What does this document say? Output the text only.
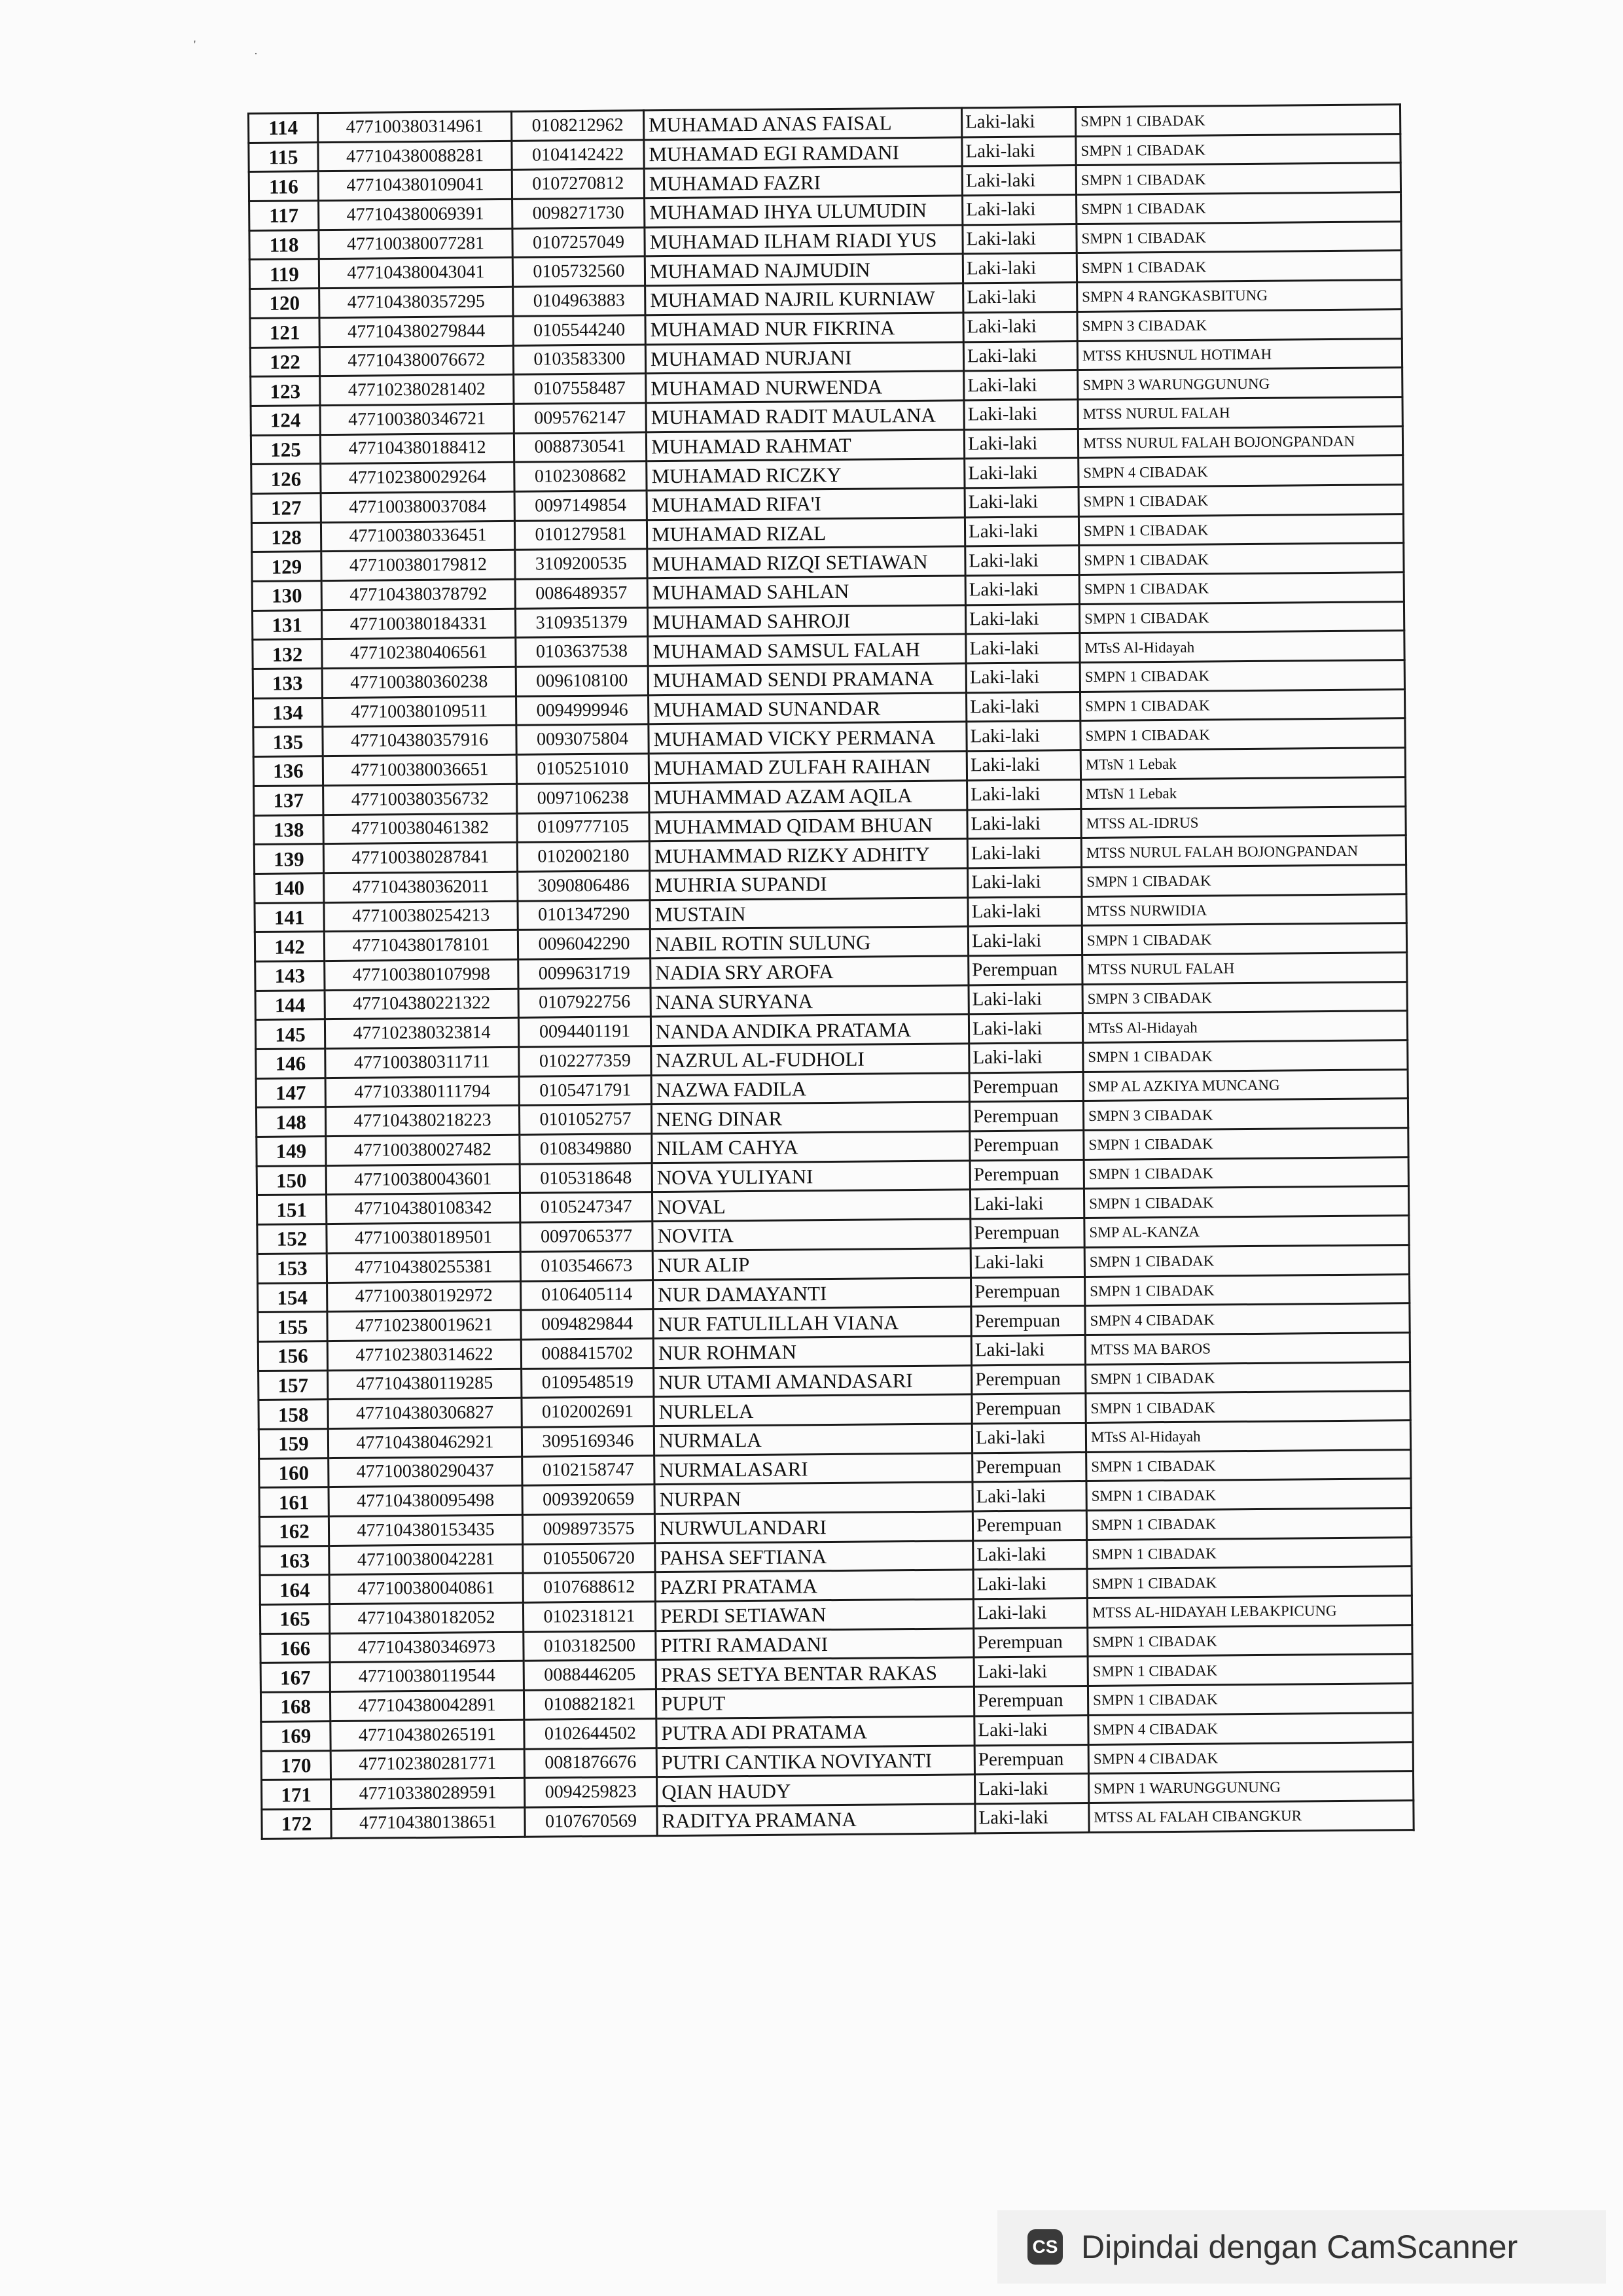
'
·
114	477100380314961	0108212962	MUHAMAD ANAS FAISAL	Laki-laki	SMPN 1 CIBADAK
115	477104380088281	0104142422	MUHAMAD EGI RAMDANI	Laki-laki	SMPN 1 CIBADAK
116	477104380109041	0107270812	MUHAMAD FAZRI	Laki-laki	SMPN 1 CIBADAK
117	477104380069391	0098271730	MUHAMAD IHYA ULUMUDIN	Laki-laki	SMPN 1 CIBADAK
118	477100380077281	0107257049	MUHAMAD ILHAM RIADI YUS	Laki-laki	SMPN 1 CIBADAK
119	477104380043041	0105732560	MUHAMAD NAJMUDIN	Laki-laki	SMPN 1 CIBADAK
120	477104380357295	0104963883	MUHAMAD NAJRIL KURNIAW	Laki-laki	SMPN 4 RANGKASBITUNG
121	477104380279844	0105544240	MUHAMAD NUR FIKRINA	Laki-laki	SMPN 3 CIBADAK
122	477104380076672	0103583300	MUHAMAD NURJANI	Laki-laki	MTSS KHUSNUL HOTIMAH
123	477102380281402	0107558487	MUHAMAD NURWENDA	Laki-laki	SMPN 3 WARUNGGUNUNG
124	477100380346721	0095762147	MUHAMAD RADIT MAULANA	Laki-laki	MTSS NURUL FALAH
125	477104380188412	0088730541	MUHAMAD RAHMAT	Laki-laki	MTSS NURUL FALAH BOJONGPANDAN
126	477102380029264	0102308682	MUHAMAD RICZKY	Laki-laki	SMPN 4 CIBADAK
127	477100380037084	0097149854	MUHAMAD RIFA'I	Laki-laki	SMPN 1 CIBADAK
128	477100380336451	0101279581	MUHAMAD RIZAL	Laki-laki	SMPN 1 CIBADAK
129	477100380179812	3109200535	MUHAMAD RIZQI SETIAWAN	Laki-laki	SMPN 1 CIBADAK
130	477104380378792	0086489357	MUHAMAD SAHLAN	Laki-laki	SMPN 1 CIBADAK
131	477100380184331	3109351379	MUHAMAD SAHROJI	Laki-laki	SMPN 1 CIBADAK
132	477102380406561	0103637538	MUHAMAD SAMSUL FALAH	Laki-laki	MTsS Al-Hidayah
133	477100380360238	0096108100	MUHAMAD SENDI PRAMANA	Laki-laki	SMPN 1 CIBADAK
134	477100380109511	0094999946	MUHAMAD SUNANDAR	Laki-laki	SMPN 1 CIBADAK
135	477104380357916	0093075804	MUHAMAD VICKY PERMANA	Laki-laki	SMPN 1 CIBADAK
136	477100380036651	0105251010	MUHAMAD ZULFAH RAIHAN	Laki-laki	MTsN 1 Lebak
137	477100380356732	0097106238	MUHAMMAD AZAM AQILA	Laki-laki	MTsN 1 Lebak
138	477100380461382	0109777105	MUHAMMAD QIDAM BHUAN	Laki-laki	MTSS AL-IDRUS
139	477100380287841	0102002180	MUHAMMAD RIZKY ADHITY	Laki-laki	MTSS NURUL FALAH BOJONGPANDAN
140	477104380362011	3090806486	MUHRIA SUPANDI	Laki-laki	SMPN 1 CIBADAK
141	477100380254213	0101347290	MUSTAIN	Laki-laki	MTSS NURWIDIA
142	477104380178101	0096042290	NABIL ROTIN SULUNG	Laki-laki	SMPN 1 CIBADAK
143	477100380107998	0099631719	NADIA SRY AROFA	Perempuan	MTSS NURUL FALAH
144	477104380221322	0107922756	NANA SURYANA	Laki-laki	SMPN 3 CIBADAK
145	477102380323814	0094401191	NANDA ANDIKA PRATAMA	Laki-laki	MTsS Al-Hidayah
146	477100380311711	0102277359	NAZRUL AL-FUDHOLI	Laki-laki	SMPN 1 CIBADAK
147	477103380111794	0105471791	NAZWA FADILA	Perempuan	SMP AL AZKIYA MUNCANG
148	477104380218223	0101052757	NENG DINAR	Perempuan	SMPN 3 CIBADAK
149	477100380027482	0108349880	NILAM CAHYA	Perempuan	SMPN 1 CIBADAK
150	477100380043601	0105318648	NOVA YULIYANI	Perempuan	SMPN 1 CIBADAK
151	477104380108342	0105247347	NOVAL	Laki-laki	SMPN 1 CIBADAK
152	477100380189501	0097065377	NOVITA	Perempuan	SMP AL-KANZA
153	477104380255381	0103546673	NUR ALIP	Laki-laki	SMPN 1 CIBADAK
154	477100380192972	0106405114	NUR DAMAYANTI	Perempuan	SMPN 1 CIBADAK
155	477102380019621	0094829844	NUR FATULILLAH VIANA	Perempuan	SMPN 4 CIBADAK
156	477102380314622	0088415702	NUR ROHMAN	Laki-laki	MTSS MA BAROS
157	477104380119285	0109548519	NUR UTAMI AMANDASARI	Perempuan	SMPN 1 CIBADAK
158	477104380306827	0102002691	NURLELA	Perempuan	SMPN 1 CIBADAK
159	477104380462921	3095169346	NURMALA	Laki-laki	MTsS Al-Hidayah
160	477100380290437	0102158747	NURMALASARI	Perempuan	SMPN 1 CIBADAK
161	477104380095498	0093920659	NURPAN	Laki-laki	SMPN 1 CIBADAK
162	477104380153435	0098973575	NURWULANDARI	Perempuan	SMPN 1 CIBADAK
163	477100380042281	0105506720	PAHSA SEFTIANA	Laki-laki	SMPN 1 CIBADAK
164	477100380040861	0107688612	PAZRI PRATAMA	Laki-laki	SMPN 1 CIBADAK
165	477104380182052	0102318121	PERDI SETIAWAN	Laki-laki	MTSS AL-HIDAYAH LEBAKPICUNG
166	477104380346973	0103182500	PITRI RAMADANI	Perempuan	SMPN 1 CIBADAK
167	477100380119544	0088446205	PRAS SETYA BENTAR RAKAS	Laki-laki	SMPN 1 CIBADAK
168	477104380042891	0108821821	PUPUT	Perempuan	SMPN 1 CIBADAK
169	477104380265191	0102644502	PUTRA ADI PRATAMA	Laki-laki	SMPN 4 CIBADAK
170	477102380281771	0081876676	PUTRI CANTIKA NOVIYANTI	Perempuan	SMPN 4 CIBADAK
171	477103380289591	0094259823	QIAN HAUDY	Laki-laki	SMPN 1 WARUNGGUNUNG
172	477104380138651	0107670569	RADITYA PRAMANA	Laki-laki	MTSS AL FALAH CIBANGKUR
CS Dipindai dengan CamScanner
